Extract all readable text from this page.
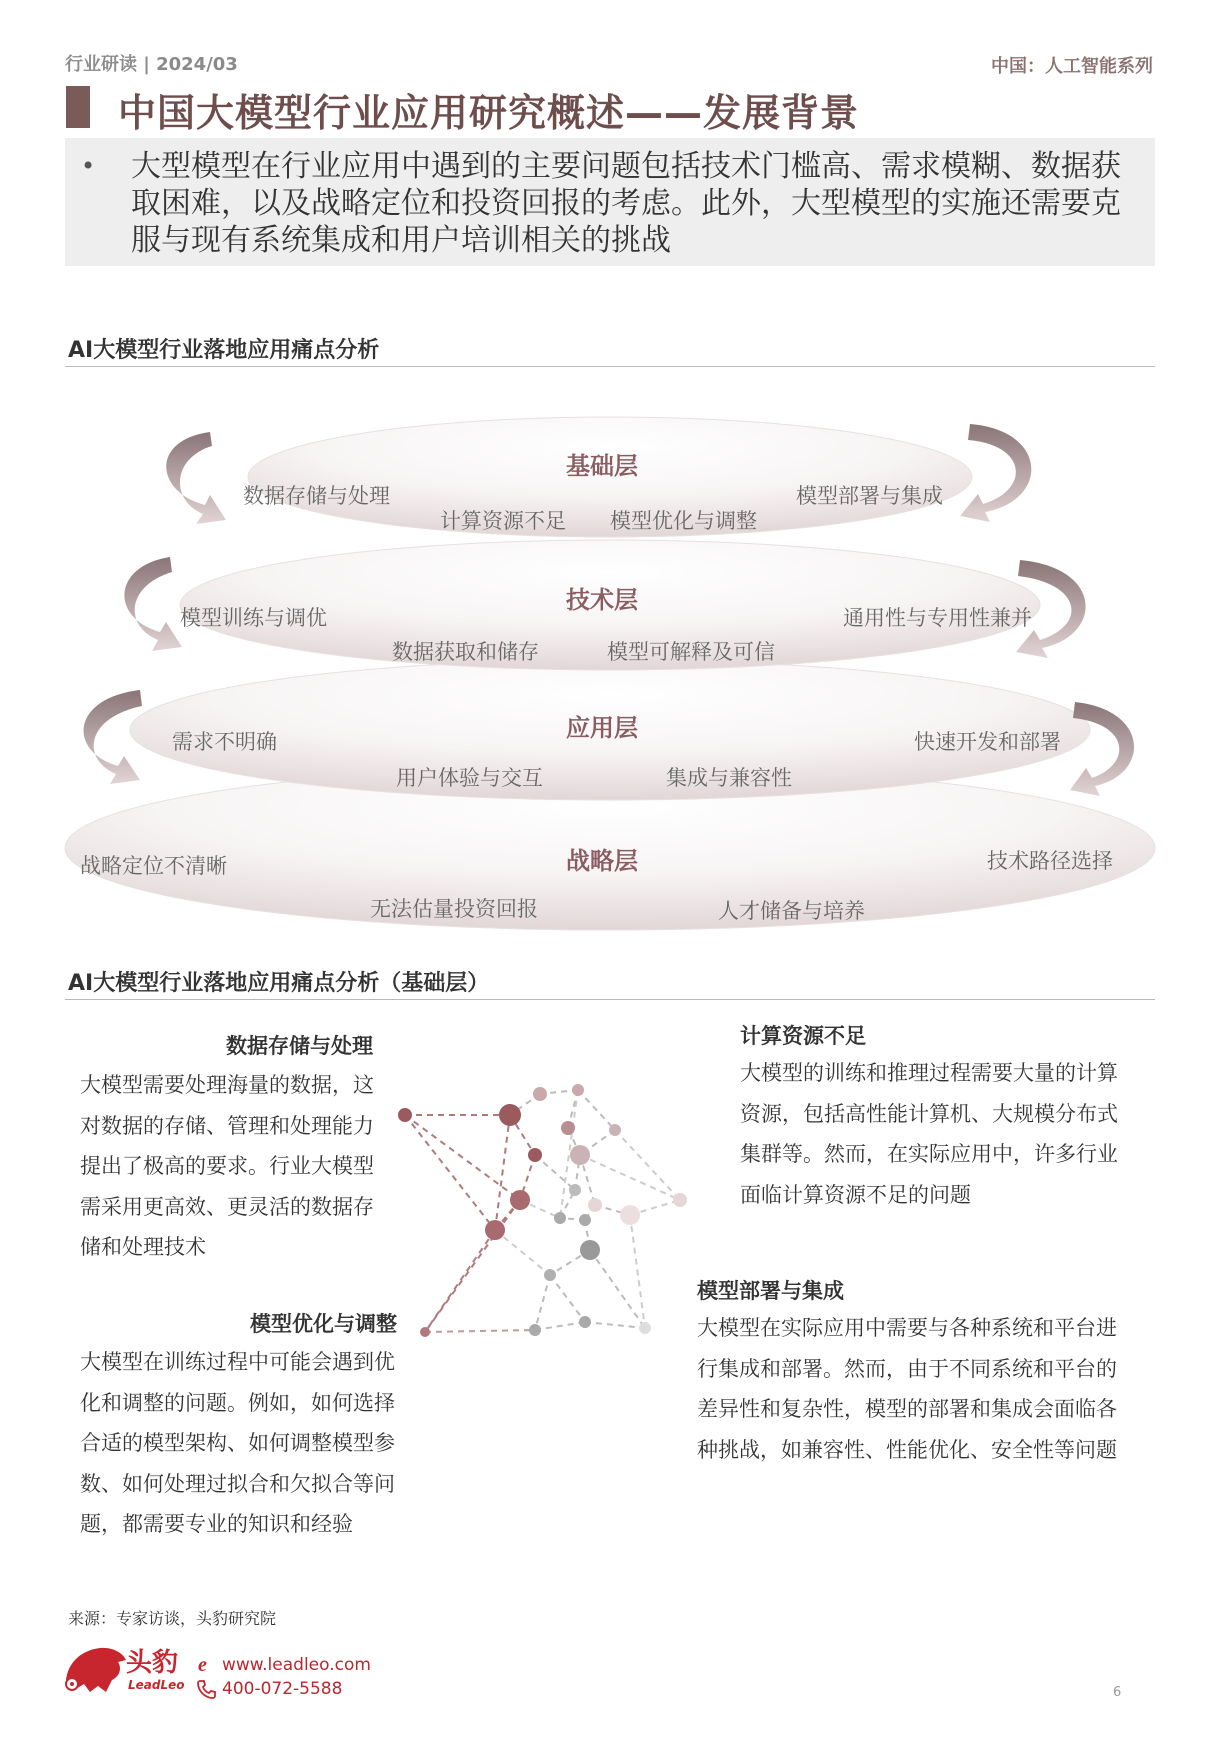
行业研读 | 2024/03	中国：人工智能系列
中国大模型行业应用研究概述——发展背景
• 大型模型在行业应用中遇到的主要问题包括技术门槛高、需求模糊、数据获取困难，以及战略定位和投资回报的考虑。此外，大型模型的实施还需要克服与现有系统集成和用户培训相关的挑战
AI大模型行业落地应用痛点分析
基础层
技术层
应用层
战略层
数据存储与处理
计算资源不足 模型优化与调整
模型部署与集成
模型训练与调优
数据获取和储存	模型可解释及可信
通用性与专用性兼并
需求不明确
用户体验与交互	集成与兼容性
快速开发和部署
战略定位不清晰
无法估量投资回报	人才储备与培养
技术路径选择
AI大模型行业落地应用痛点分析（基础层）
数据存储与处理
大模型需要处理海量的数据，这对数据的存储、管理和处理能力提出了极高的要求。行业大模型需采用更高效、更灵活的数据存储和处理技术
计算资源不足
大模型的训练和推理过程需要大量的计算资源，包括高性能计算机、大规模分布式集群等。然而，在实际应用中，许多行业面临计算资源不足的问题
模型部署与集成
大模型在实际应用中需要与各种系统和平台进行集成和部署。然而，由于不同系统和平台的差异性和复杂性，模型的部署和集成会面临各种挑战，如兼容性、性能优化、安全性等问题
模型优化与调整
大模型在训练过程中可能会遇到优化和调整的问题。例如，如何选择合适的模型架构、如何调整模型参数、如何处理过拟合和欠拟合等问题，都需要专业的知识和经验
来源：专家访谈，头豹研究院
头豹
LeadLeo
e www.leadleo.com
400-072-5588	6
